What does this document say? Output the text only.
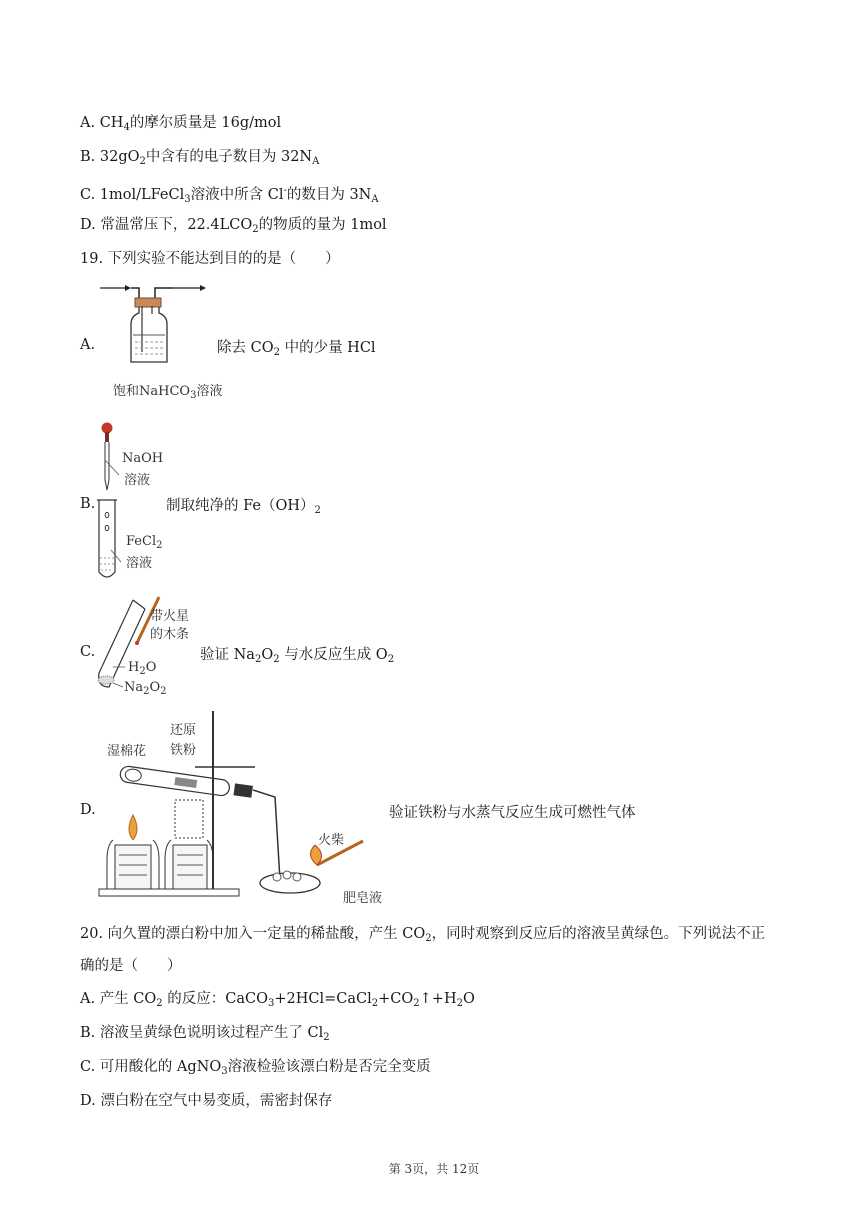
A. $CH_4$的摩尔质量是 16g/mol
B. $32gO_2$中含有的电子数目为 $32N_A$
C. 1mol/LFeCl$_3$溶液中所含 Cl-的数目为 $3N_A$
D. 常温常压下，$22.4LCO_2$的物质的量为 1mol
19. 下列实验不能达到目的的是（　　）
A.	除去 $CO_2$ 中的少量 HCl
饱和NaHCO$_3$溶液
B.
NaOH
溶液
FeCl$_2$
溶液
制取纯净的 $Fe(OH)_2$
C.
带火星
的木条
$H_2O$
$Na_2O_2$
验证 $Na_2O_2$ 与水反应生成 $O_2$
D.
湿棉花
还原
铁粉
火柴
肥皂液
验证铁粉与水蒸气反应生成可燃性气体
20. 向久置的漂白粉中加入一定量的稀盐酸，产生 $CO_2$，同时观察到反应后的溶液呈黄绿色。下列说法不正
确的是（　　）
A. 产生 $CO_2$ 的反应：$CaCO_3+2HCl=CaCl_2+CO_2↑+H_2O$
B. 溶液呈黄绿色说明该过程产生了 $Cl_2$
C. 可用酸化的 AgNO$_3$溶液检验该漂白粉是否完全变质
D. 漂白粉在空气中易变质，需密封保存
第 3页，共 12页
